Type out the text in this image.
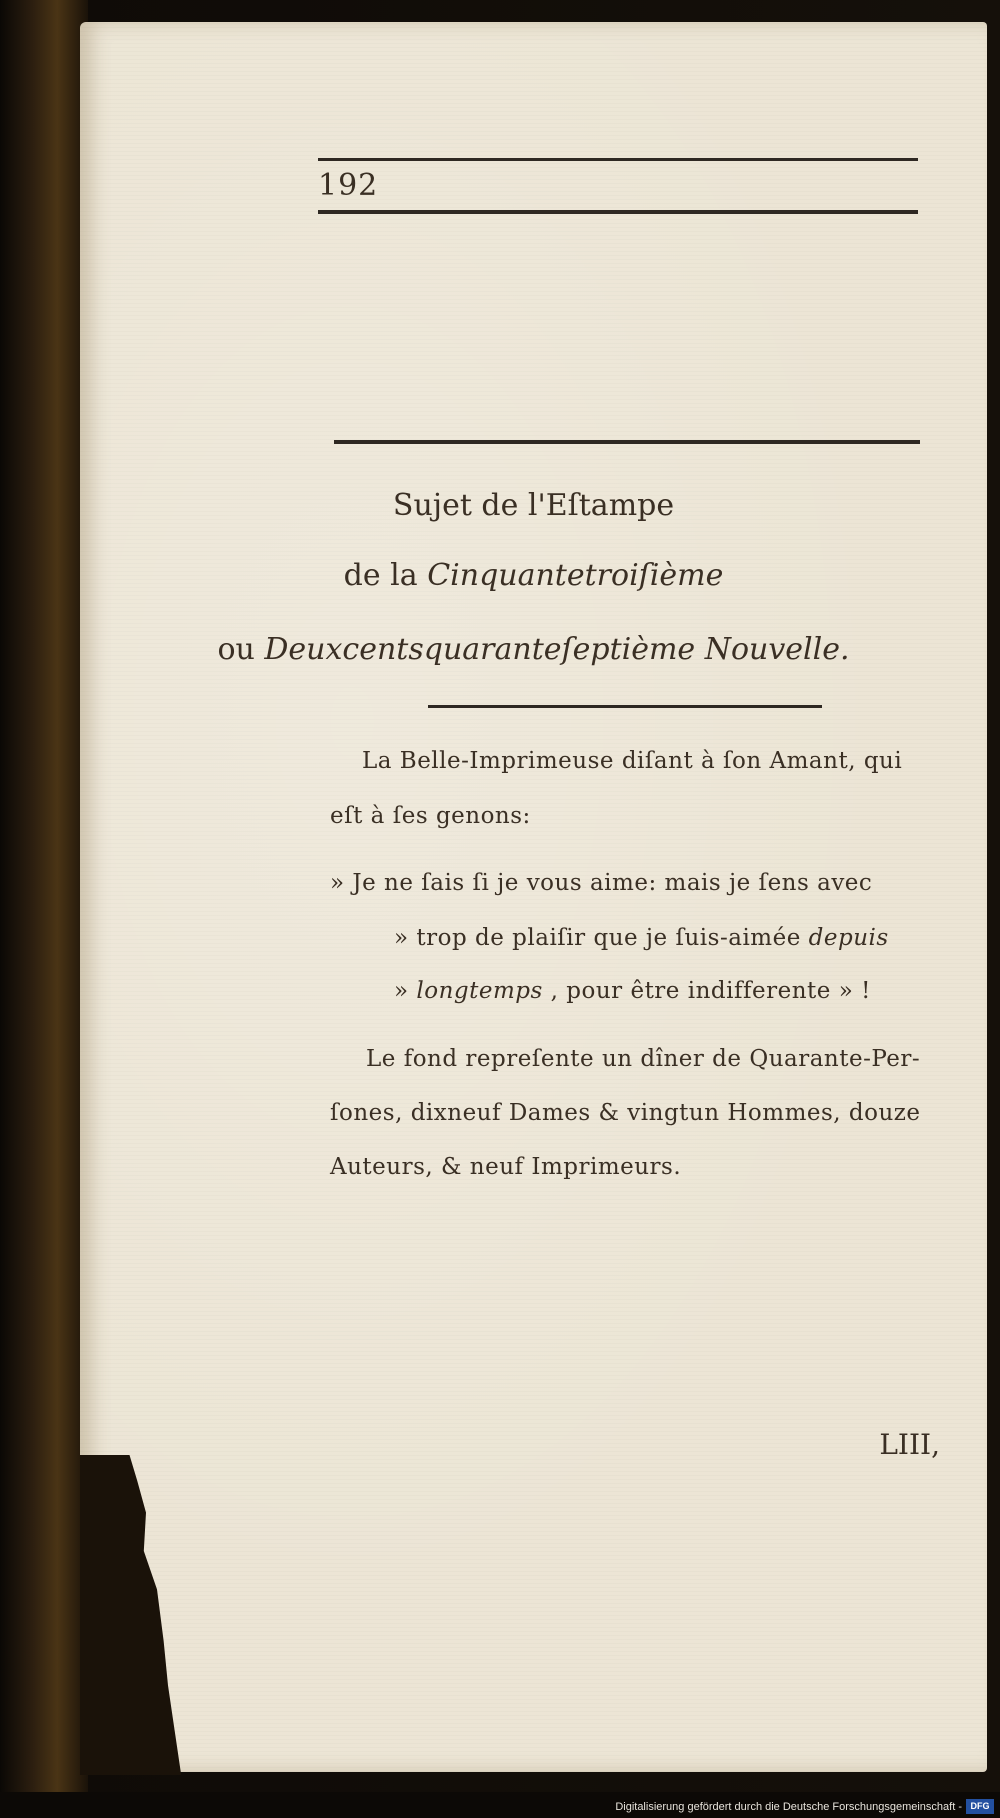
192
Sujet de l'Eſtampe
de la Cinquantetroiſième
ou Deuxcentsquaranteſeptième Nouvelle.
La Belle-Imprimeuse diſant à ſon Amant, qui
eſt à ſes genons:
» Je ne ſais ſi je vous aime: mais je ſens avec
» trop de plaiſir que je ſuis-aimée depuis
» longtemps , pour être indifferente » !
Le fond repreſente un dîner de Quarante-Per-
ſones, dixneuf Dames & vingtun Hommes, douze
Auteurs, & neuf Imprimeurs.
LIII,
Digitalisierung gefördert durch die Deutsche Forschungsgemeinschaft - DFG
